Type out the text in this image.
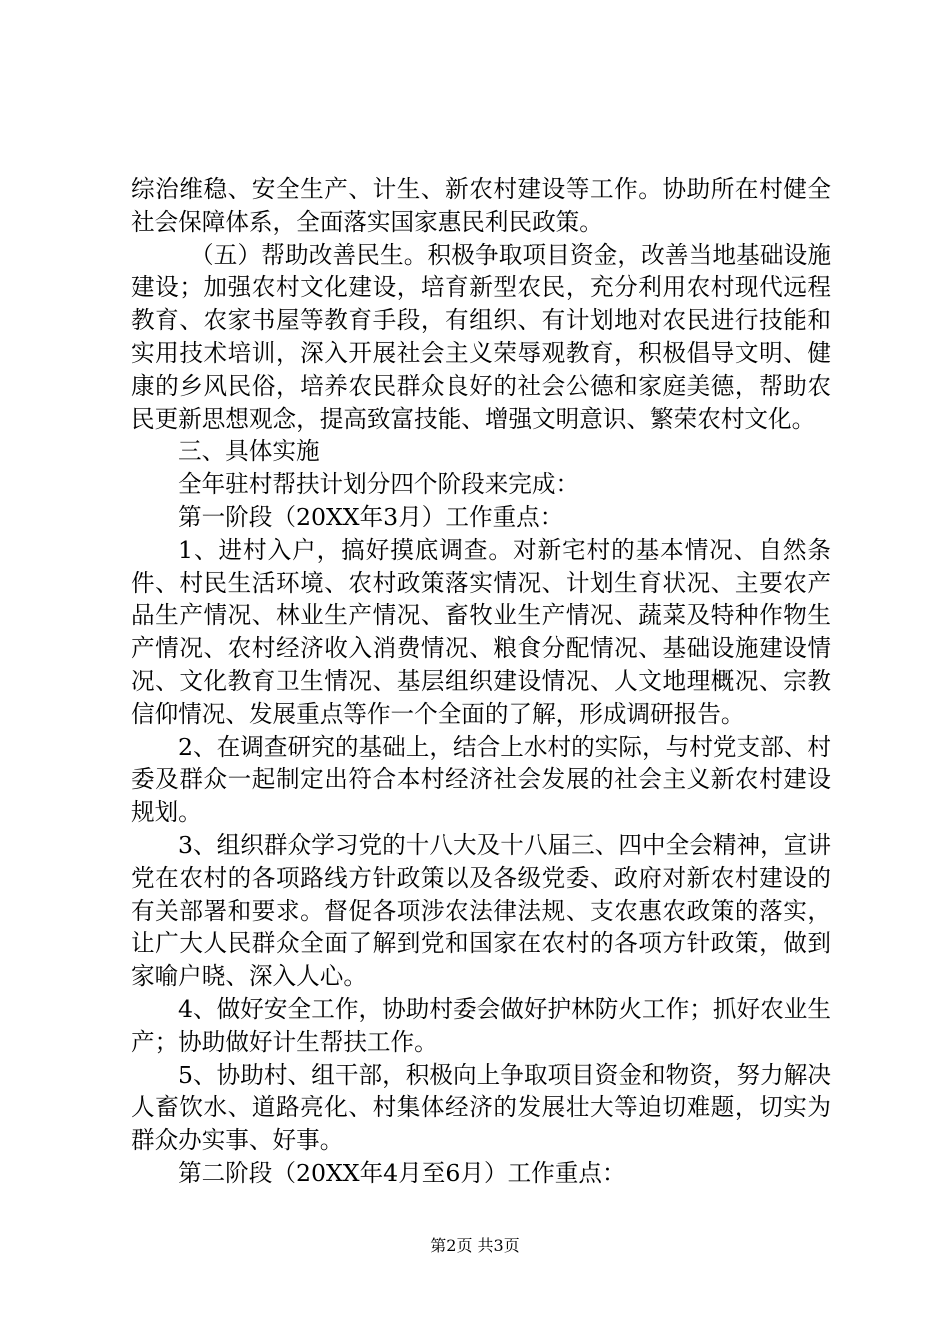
综治维稳、安全生产、计生、新农村建设等工作。协助所在村健全社会保障体系，全面落实国家惠民利民政策。

（五）帮助改善民生。积极争取项目资金，改善当地基础设施建设；加强农村文化建设，培育新型农民，充分利用农村现代远程教育、农家书屋等教育手段，有组织、有计划地对农民进行技能和实用技术培训，深入开展社会主义荣辱观教育，积极倡导文明、健康的乡风民俗，培养农民群众良好的社会公德和家庭美德，帮助农民更新思想观念，提高致富技能、增强文明意识、繁荣农村文化。

三、具体实施

全年驻村帮扶计划分四个阶段来完成：

第一阶段（20XX年3月）工作重点：

1、进村入户，搞好摸底调查。对新宅村的基本情况、自然条件、村民生活环境、农村政策落实情况、计划生育状况、主要农产品生产情况、林业生产情况、畜牧业生产情况、蔬菜及特种作物生产情况、农村经济收入消费情况、粮食分配情况、基础设施建设情况、文化教育卫生情况、基层组织建设情况、人文地理概况、宗教信仰情况、发展重点等作一个全面的了解，形成调研报告。

2、在调查研究的基础上，结合上水村的实际，与村党支部、村委及群众一起制定出符合本村经济社会发展的社会主义新农村建设规划。

3、组织群众学习党的十八大及十八届三、四中全会精神，宣讲党在农村的各项路线方针政策以及各级党委、政府对新农村建设的有关部署和要求。督促各项涉农法律法规、支农惠农政策的落实，让广大人民群众全面了解到党和国家在农村的各项方针政策，做到家喻户晓、深入人心。

4、做好安全工作，协助村委会做好护林防火工作；抓好农业生产；协助做好计生帮扶工作。

5、协助村、组干部，积极向上争取项目资金和物资，努力解决人畜饮水、道路亮化、村集体经济的发展壮大等迫切难题，切实为群众办实事、好事。

第二阶段（20XX年4月至6月）工作重点：

第2页 共3页
